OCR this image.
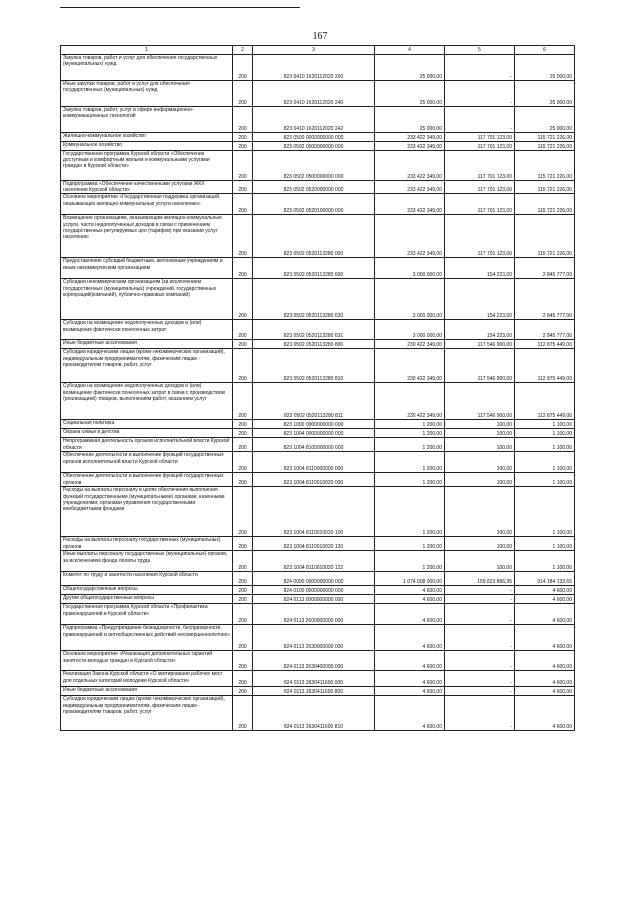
167
1	2	3	4	5	6
Закупка товаров, работ и услуг для обеспечения государственных (муниципальных) нужд	200	823 0410 1620112020 200	25 000,00	-	25 000,00
Иные закупки товаров, работ и услуг для обеспечения государственных (муниципальных) нужд	200	823 0410 1620112020 240	25 000,00	-	25 000,00
Закупка товаров, работ, услуг в сфере информационно-коммуникационных технологий	200	823 0410 1620112020 242	25 000,00	-	25 000,00
Жилищно-коммунальное хозяйство	200	823 0500 0000000000 000	233 422 349,00	117 701 123,00	115 721 226,00
Коммунальное хозяйство	200	823 0502 0000000000 000	233 422 349,00	117 701 123,00	115 721 226,00
Государственная программа Курской области «Обеспечение доступным и комфортным жильем и коммунальными услугами граждан в Курской области»	200	823 0502 0500000000 000	233 422 349,00	117 701 123,00	115 721 226,00
Подпрограмма «Обеспечение качественными услугами ЖКХ населения Курской области»	200	823 0502 0520000000 000	233 422 349,00	117 701 123,00	115 721 226,00
Основное мероприятие «Государственная поддержка организаций, оказывающих жилищно-коммунальные услуги населению»	200	823 0502 0520100000 000	233 422 349,00	117 701 123,00	115 721 226,00
Возмещение организациям, оказывающим жилищно-коммунальные услуги, части недополученных доходов в связи с применением государственных регулируемых цен (тарифов) при оказании услуг населению	200	823 0502 0520113280 000	233 422 349,00	117 701 123,00	115 721 226,00
Предоставление субсидий бюджетным, автономным учреждениям и иным некоммерческим организациям	200	823 0502 0520113280 600	3 000 000,00	154 223,00	2 845 777,00
Субсидии некоммерческим организациям (за исключением государственных (муниципальных) учреждений, государственных корпораций(компаний), публично-правовых компаний)	200	823 0502 0520113280 630	3 000 000,00	154 223,00	2 845 777,00
Субсидии на возмещение недополученных доходов и (или) возмещение фактически понесенных затрат	200	823 0502 0520113280 631	3 000 000,00	154 223,00	2 845 777,00
Иные бюджетные ассигнования	200	823 0502 0520113280 800	230 422 349,00	117 546 900,00	112 875 449,00
Субсидии юридическим лицам (кроме некоммерческих организаций), индивидуальным предпринимателям, физическим лицам - производителям товаров, работ, услуг	200	823 0502 0520113280 810	230 422 349,00	117 546 900,00	112 875 449,00
Субсидии на возмещение недополученных доходов и (или) возмещение фактически понесенных затрат в связи с производством (реализацией) товаров, выполнением работ, оказанием услуг	200	823 0502 0520113280 811	230 422 349,00	117 546 900,00	112 875 449,00
Социальная политика	200	823 1000 0000000000 000	1 200,00	100,00	1 100,00
Охрана семьи и детства	200	823 1004 0000000000 000	1 200,00	100,00	1 100,00
Непрограммная деятельность органов исполнительной власти Курской области	200	823 1004 8100000000 000	1 200,00	100,00	1 100,00
Обеспечение деятельности и выполнение функций государственных органов исполнительной власти Курской области	200	823 1004 8110000000 000	1 200,00	100,00	1 100,00
Обеспечение деятельности и выполнение функций государственных органов	200	823 1004 8110010020 000	1 200,00	100,00	1 100,00
Расходы на выплаты персоналу в целях обеспечения выполнения функций государственными (муниципальными) органами, казенными учреждениями, органами управления государственными внебюджетными фондами	200	823 1004 8110010020 100	1 200,00	100,00	1 100,00
Расходы на выплаты персоналу государственных (муниципальных) органов	200	823 1004 8110010020 120	1 200,00	100,00	1 100,00
Иные выплаты персоналу государственных (муниципальных) органов, за исключением фонда оплаты труда	200	823 1004 8110010020 122	1 200,00	100,00	1 100,00
Комитет по труду и занятости населения Курской области	200	824 0000 0000000000 000	1 074 008 000,00	159 823 866,35	914 184 133,65
Общегосударственные вопросы	200	824 0100 0000000000 000	4 600,00	-	4 600,00
Другие общегосударственные вопросы	200	824 0113 0000000000 000	4 600,00	-	4 600,00
Государственная программа Курской области «Профилактика правонарушений в Курской области»	200	824 0113 2600000000 000	4 600,00	-	4 600,00
Подпрограмма «Предупреждение безнадзорности, беспризорности, правонарушений и антиобщественных действий несовершеннолетних»	200	824 0113 2630000000 000	4 600,00	-	4 600,00
Основное мероприятие «Реализация дополнительных гарантий занятости молодых граждан в Курской области»	200	824 0113 2630400000 000	4 600,00	-	4 600,00
Реализация Закона Курской области «О квотировании рабочих мест для отдельных категорий молодежи Курской области»	200	824 0113 2630411600 000	4 600,00	-	4 600,00
Иные бюджетные ассигнования	200	824 0113 2630411600 800	4 600,00	-	4 600,00
Субсидии юридическим лицам (кроме некоммерческих организаций), индивидуальным предпринимателям, физическим лицам - производителям товаров, работ, услуг	200	824 0113 2630411600 810	4 600,00	-	4 600,00
